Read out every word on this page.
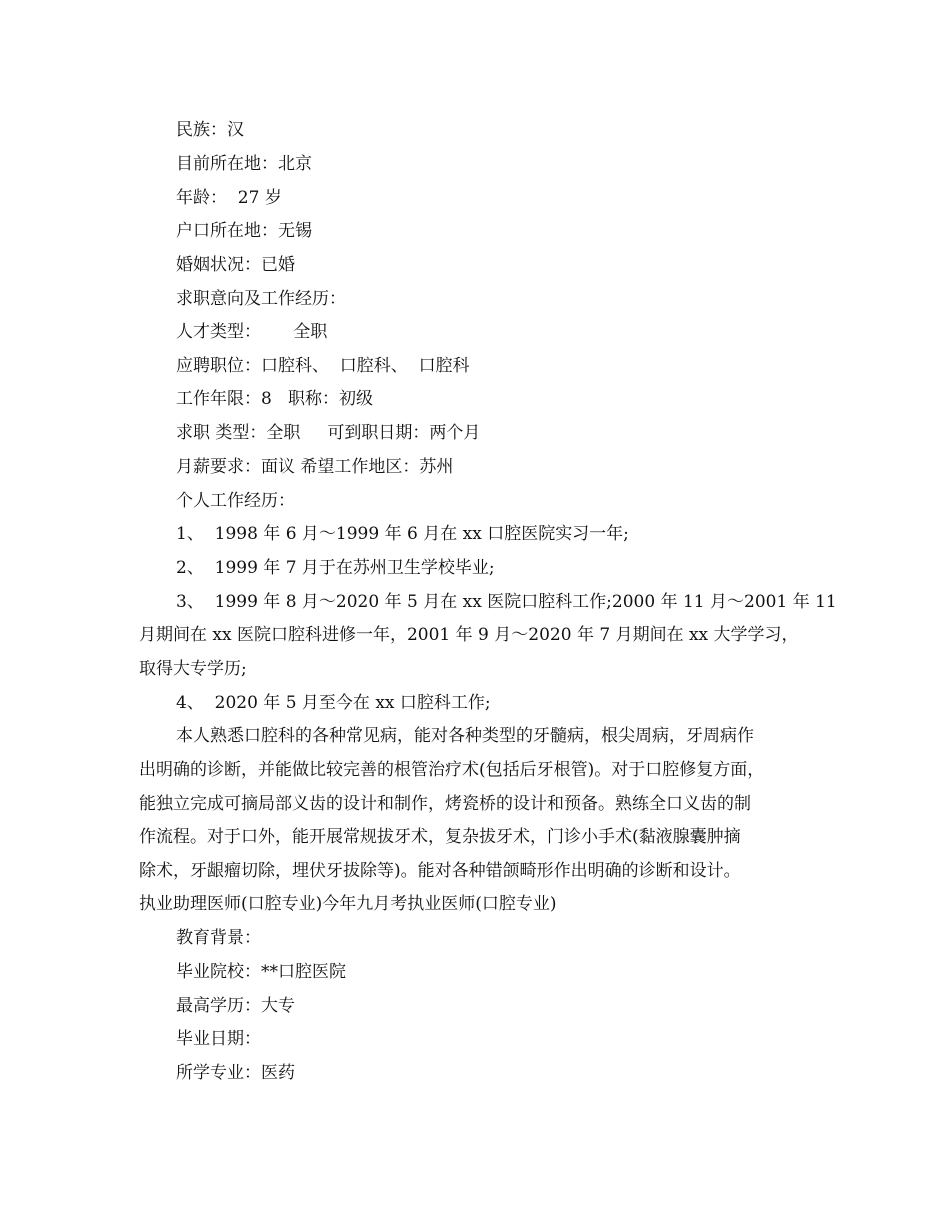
民族：汉
目前所在地：北京
年龄：  27 岁
户口所在地：无锡
婚姻状况：已婚
求职意向及工作经历：
人才类型：      全职
应聘职位：口腔科、  口腔科、  口腔科
工作年限：8   职称：初级
求职 类型：全职     可到职日期：两个月
月薪要求：面议 希望工作地区：苏州
个人工作经历：
1、  1998 年 6 月～1999 年 6 月在 xx 口腔医院实习一年;
2、  1999 年 7 月于在苏州卫生学校毕业;
3、  1999 年 8 月～2020 年 5 月在 xx 医院口腔科工作;2000 年 11 月～2001 年 11
月期间在 xx 医院口腔科进修一年，2001 年 9 月～2020 年 7 月期间在 xx 大学学习，
取得大专学历;
4、  2020 年 5 月至今在 xx 口腔科工作;
本人熟悉口腔科的各种常见病，能对各种类型的牙髓病，根尖周病，牙周病作
出明确的诊断，并能做比较完善的根管治疗术(包括后牙根管)。对于口腔修复方面，
能独立完成可摘局部义齿的设计和制作，烤瓷桥的设计和预备。熟练全口义齿的制
作流程。对于口外，能开展常规拔牙术，复杂拔牙术，门诊小手术(黏液腺囊肿摘
除术，牙龈瘤切除，埋伏牙拔除等)。能对各种错颌畸形作出明确的诊断和设计。
执业助理医师(口腔专业)今年九月考执业医师(口腔专业)
教育背景：
毕业院校：**口腔医院
最高学历：大专
毕业日期：
所学专业：医药
